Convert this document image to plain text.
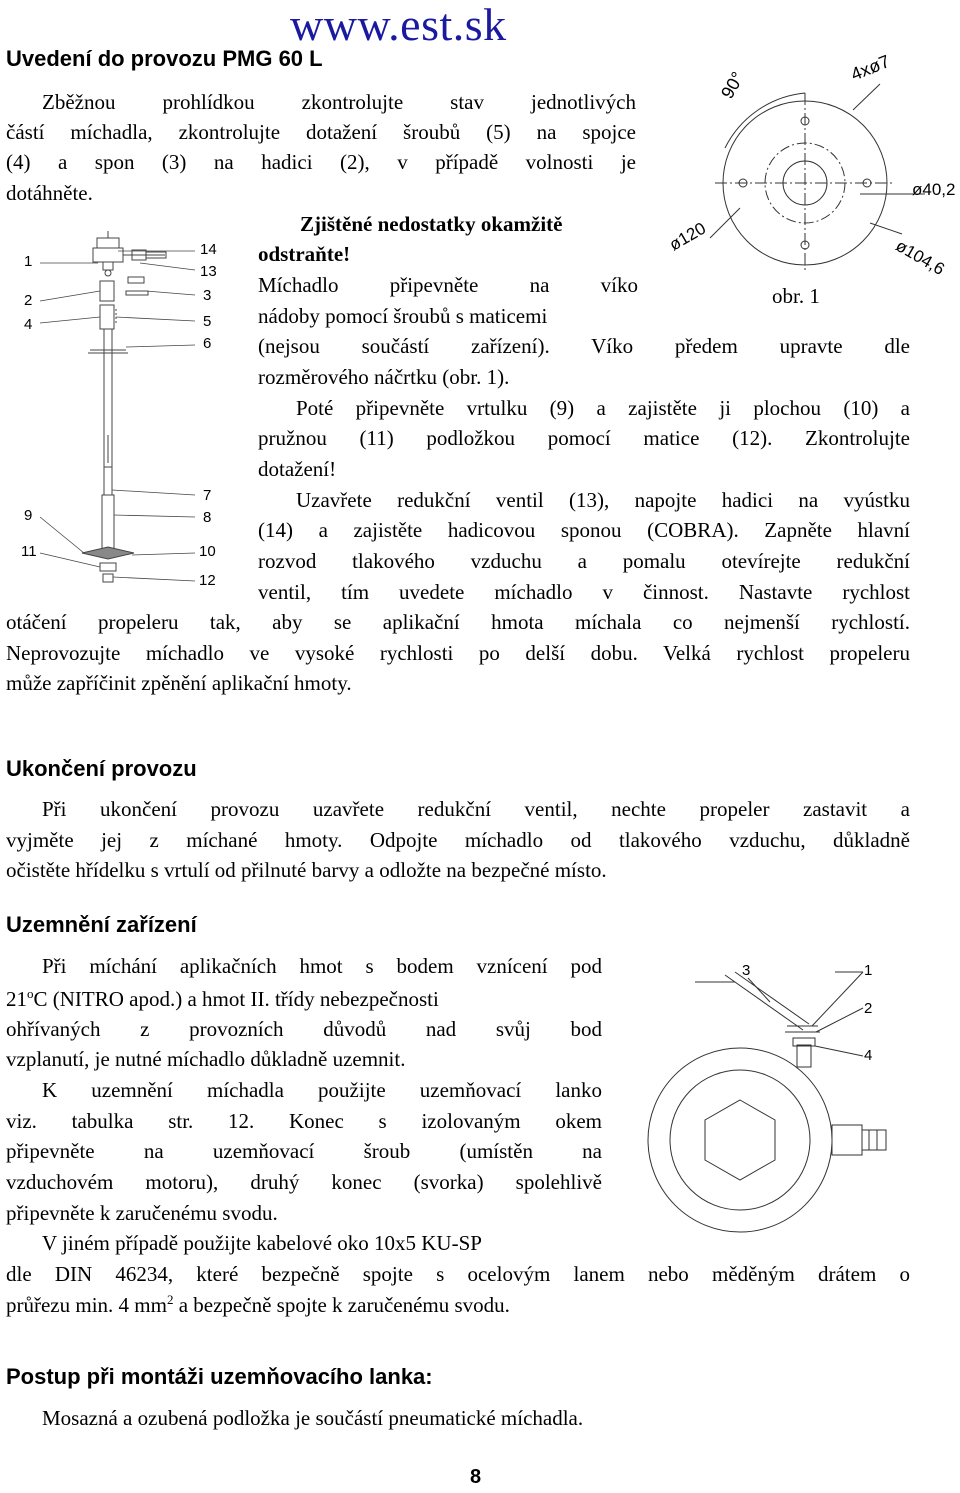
www.est.sk
Uvedení do provozu PMG 60 L
Zběžnou prohlídkou zkontrolujte stav jednotlivých
částí míchadla, zkontrolujte dotažení šroubů (5) na spojce
(4) a spon (3) na hadici (2), v případě volnosti je
dotáhněte.
Zjištěné nedostatky okamžitě
odstraňte!
Míchadlo připevněte na víko
nádoby pomocí šroubů s maticemi
(nejsou součástí zařízení). Víko předem upravte dle
rozměrového náčrtku (obr. 1).
Poté připevněte vrtulku (9) a zajistěte ji plochou (10) a
pružnou (11) podložkou pomocí matice (12). Zkontrolujte
dotažení!
Uzavřete redukční ventil (13), napojte hadici na vyústku
(14) a zajistěte hadicovou sponou (COBRA). Zapněte hlavní
rozvod tlakového vzduchu a pomalu otevírejte redukční
ventil, tím uvedete míchadlo v činnost. Nastavte rychlost
otáčení propeleru tak, aby se aplikační hmota míchala co nejmenší rychlostí.
Neprovozujte míchadlo ve vysoké rychlosti po delší dobu. Velká rychlost propeleru
může zapříčinit zpěnění aplikační hmoty.
1
2
4
9
11
14
13
3
5
6
7
8
10
12
90°
4xø7
ø40,2
ø120	ø104,6
obr. 1
Ukončení provozu
Při ukončení provozu uzavřete redukční ventil, nechte propeler zastavit a
vyjměte jej z míchané hmoty. Odpojte míchadlo od tlakového vzduchu, důkladně
očistěte hřídelku s vrtulí od přilnuté barvy a odložte na bezpečné místo.
Uzemnění zařízení
Při míchání aplikačních hmot s bodem vznícení pod
21$^o$C (NITRO apod.) a hmot II. třídy nebezpečnosti
ohřívaných z provozních důvodů nad svůj bod
vzplanutí, je nutné míchadlo důkladně uzemnit.
K uzemnění míchadla použijte uzemňovací lanko
viz. tabulka str. 12. Konec s izolovaným okem
připevněte na uzemňovací šroub (umístěn na
vzduchovém motoru), druhý konec (svorka) spolehlivě
připevněte k zaručenému svodu.
V jiném případě použijte kabelové oko 10x5 KU-SP
dle DIN 46234, které bezpečně spojte s ocelovým lanem nebo měděným drátem o
průřezu min. 4 $mm^2$ a bezpečně spojte k zaručenému svodu.
3	1
2
4
Postup při montáži uzemňovacího lanka:
Mosazná a ozubená podložka je součástí pneumatické míchadla.
8
